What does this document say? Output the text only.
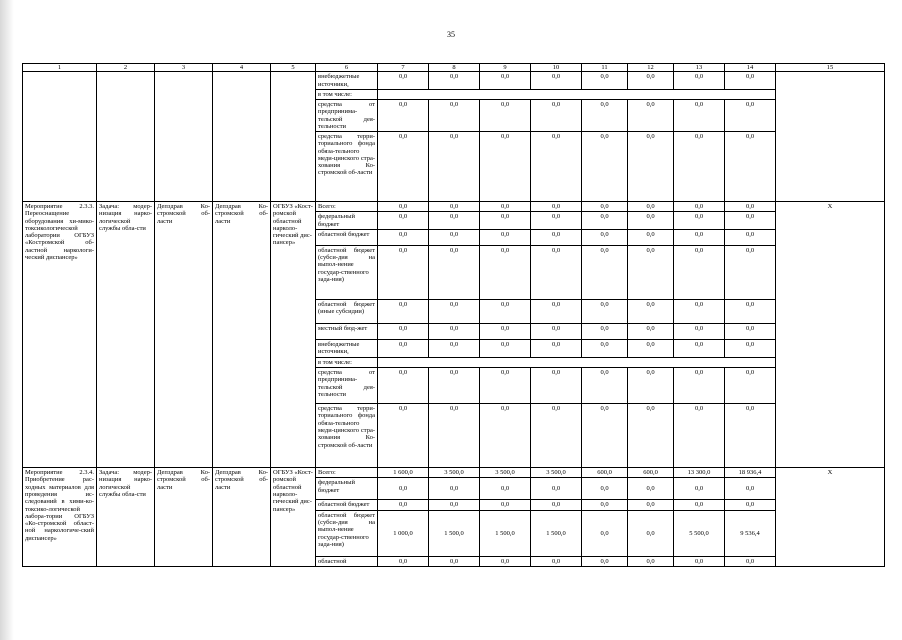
35
1	2	3	4	5	6	7	8	9	10	11	12	13	14	15
					внебюджетные источники,	0,0	0,0	0,0	0,0	0,0	0,0	0,0	0,0	
					в том числе:									
					средства от предпринима-тельской дея-тельности	0,0	0,0	0,0	0,0	0,0	0,0	0,0	0,0	
					средства терри-ториального фонда обяза-тельного меди-цинского стра-хования Ко-стромской об-ласти	0,0	0,0	0,0	0,0	0,0	0,0	0,0	0,0	
Мероприятие 2.3.3. Переоснащение оборудования хи-мико-токсикологической лаборатории ОГБУЗ «Костромской об-ластной наркологи-ческий диспансер»	Задача: модер-низация нарко-логической службы обла-сти	Депздрав Ко-стромской об-ласти	Депздрав Ко-стромской об-ласти	ОГБУЗ «Кост-ромской областной нарколо-гический дис-пансер»	Всего:	0,0	0,0	0,0	0,0	0,0	0,0	0,0	0,0	X
					федеральный бюджет	0,0	0,0	0,0	0,0	0,0	0,0	0,0	0,0	
					областной бюджет	0,0	0,0	0,0	0,0	0,0	0,0	0,0	0,0	
					областной бюджет (субси-дия на выпол-нение государ-ственного зада-ния)	0,0	0,0	0,0	0,0	0,0	0,0	0,0	0,0	
					областной бюджет (иные субсидии)	0,0	0,0	0,0	0,0	0,0	0,0	0,0	0,0	
					местный бюд-жет	0,0	0,0	0,0	0,0	0,0	0,0	0,0	0,0	
					внебюджетные источники,	0,0	0,0	0,0	0,0	0,0	0,0	0,0	0,0	
					в том числе:									
					средства от предпринима-тельской дея-тельности	0,0	0,0	0,0	0,0	0,0	0,0	0,0	0,0	
					средства терри-ториального фонда обяза-тельного меди-цинского стра-хования Ко-стромской об-ласти	0,0	0,0	0,0	0,0	0,0	0,0	0,0	0,0	
Мероприятие 2.3.4. Приобретение рас-ходных материалов для проведения ис-следований в хими-ко-токсико-логической лабора-тории ОГБУЗ «Ко-стромской област-ной наркологиче-ский диспансер»	Задача: модер-низация нарко-логической службы обла-сти	Депздрав Ко-стромской об-ласти	Депздрав Ко-стромской об-ласти	ОГБУЗ «Кост-ромской областной нарколо-гический дис-пансер»	Всего:	1 600,0	3 500,0	3 500,0	3 500,0	600,0	600,0	13 300,0	18 936,4	X
					федеральный бюджет	0,0	0,0	0,0	0,0	0,0	0,0	0,0	0,0	
					областной бюджет	0,0	0,0	0,0	0,0	0,0	0,0	0,0	0,0	
					областной бюджет (субси-дия на выпол-нение государ-ственного зада-ния)	1 000,0	1 500,0	1 500,0	1 500,0	0,0	0,0	5 500,0	9 536,4	
					областной	0,0	0,0	0,0	0,0	0,0	0,0	0,0	0,0	
